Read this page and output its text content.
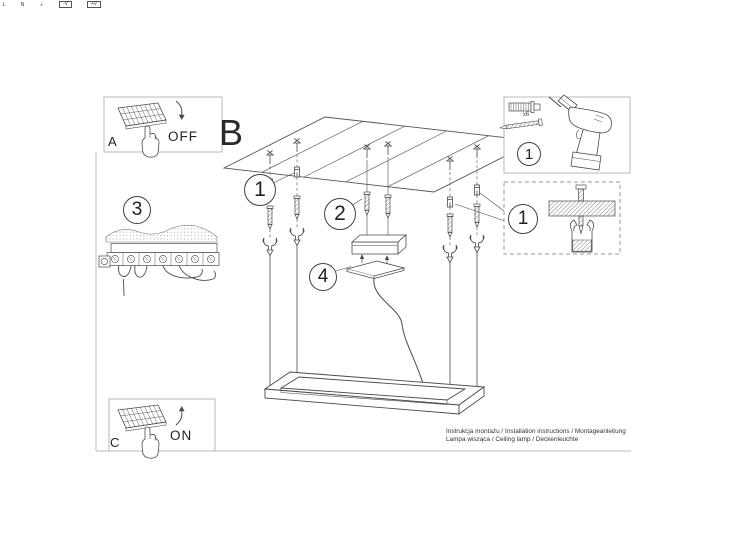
A	OFF B
C	ON
1
2
3
4
1
1
x6
L	N	⏚	-V	+V
Instrukcja montażu / Installation instructions / Montageanleitung
Lampa wisząca / Ceiling lamp / Deckenleuchte
